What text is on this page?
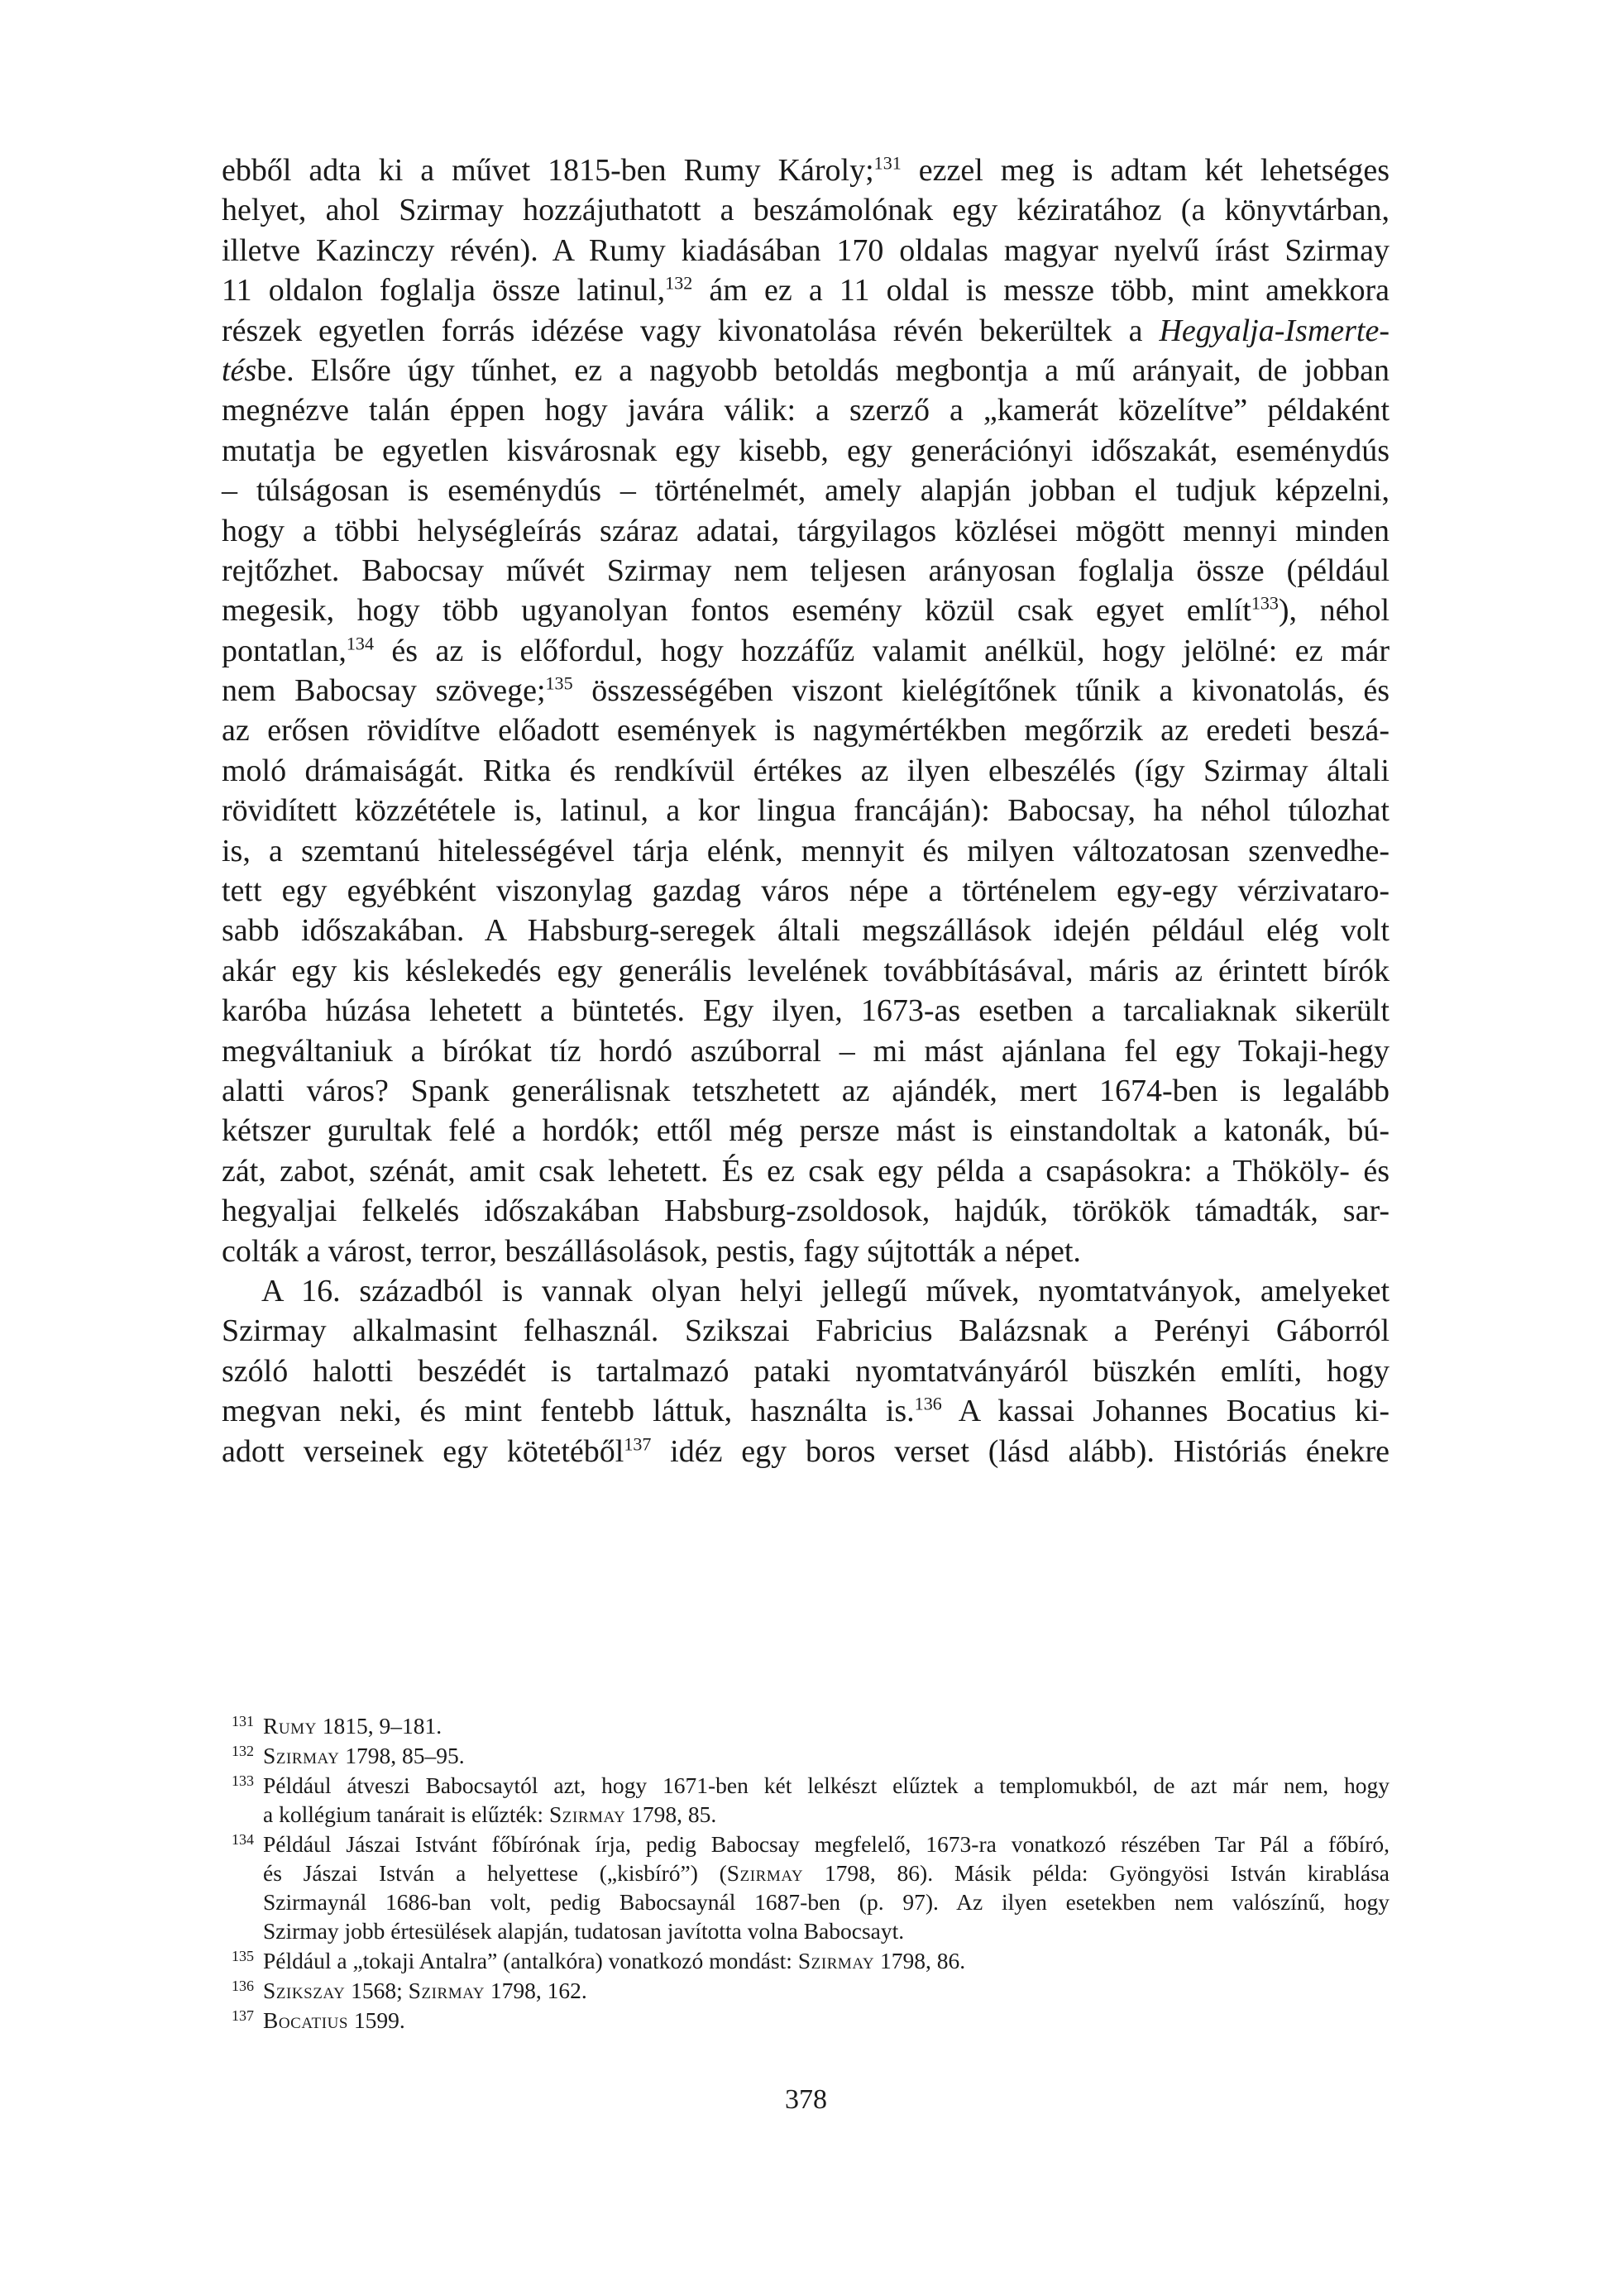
ebből adta ki a művet 1815-ben Rumy Károly;$^{131}$ ezzel meg is adtam két lehetséges
helyet, ahol Szirmay hozzájuthatott a beszámolónak egy kéziratához (a könyvtárban,
illetve Kazinczy révén). A Rumy kiadásában 170 oldalas magyar nyelvű írást Szirmay
11 oldalon foglalja össze latinul,$^{132}$ ám ez a 11 oldal is messze több, mint amekkora
részek egyetlen forrás idézése vagy kivonatolása révén bekerültek a Hegyalja-Ismerte-
tésbe. Elsőre úgy tűnhet, ez a nagyobb betoldás megbontja a mű arányait, de jobban
megnézve talán éppen hogy javára válik: a szerző a „kamerát közelítve” példaként
mutatja be egyetlen kisvárosnak egy kisebb, egy generációnyi időszakát, eseménydús
– túlságosan is eseménydús – történelmét, amely alapján jobban el tudjuk képzelni,
hogy a többi helységleírás száraz adatai, tárgyilagos közlései mögött mennyi minden
rejtőzhet. Babocsay művét Szirmay nem teljesen arányosan foglalja össze (például
megesik, hogy több ugyanolyan fontos esemény közül csak egyet említ$^{133}$), néhol
pontatlan,$^{134}$ és az is előfordul, hogy hozzáfűz valamit anélkül, hogy jelölné: ez már
nem Babocsay szövege;$^{135}$ összességében viszont kielégítőnek tűnik a kivonatolás, és
az erősen rövidítve előadott események is nagymértékben megőrzik az eredeti beszá-
moló drámaiságát. Ritka és rendkívül értékes az ilyen elbeszélés (így Szirmay általi
rövidített közzététele is, latinul, a kor lingua francáján): Babocsay, ha néhol túlozhat
is, a szemtanú hitelességével tárja elénk, mennyit és milyen változatosan szenvedhe-
tett egy egyébként viszonylag gazdag város népe a történelem egy-egy vérzivataro-
sabb időszakában. A Habsburg-seregek általi megszállások idején például elég volt
akár egy kis késlekedés egy generális levelének továbbításával, máris az érintett bírók
karóba húzása lehetett a büntetés. Egy ilyen, 1673-as esetben a tarcaliaknak sikerült
megváltaniuk a bírókat tíz hordó aszúborral – mi mást ajánlana fel egy Tokaji-hegy
alatti város? Spank generálisnak tetszhetett az ajándék, mert 1674-ben is legalább
kétszer gurultak felé a hordók; ettől még persze mást is einstandoltak a katonák, bú-
zát, zabot, szénát, amit csak lehetett. És ez csak egy példa a csapásokra: a Thököly- és
hegyaljai felkelés időszakában Habsburg-zsoldosok, hajdúk, törökök támadták, sar-
colták a várost, terror, beszállásolások, pestis, fagy sújtották a népet.
A 16. századból is vannak olyan helyi jellegű művek, nyomtatványok, amelyeket
Szirmay alkalmasint felhasznál. Szikszai Fabricius Balázsnak a Perényi Gáborról
szóló halotti beszédét is tartalmazó pataki nyomtatványáról büszkén említi, hogy
megvan neki, és mint fentebb láttuk, használta is.$^{136}$ A kassai Johannes Bocatius ki-
adott verseinek egy kötetéből$^{137}$ idéz egy boros verset (lásd alább). Históriás énekre
131 Rumy 1815, 9–181.
132 Szirmay 1798, 85–95.
133 Például átveszi Babocsaytól azt, hogy 1671-ben két lelkészt elűztek a templomukból, de azt már nem, hogy
a kollégium tanárait is elűzték: Szirmay 1798, 85.
134 Például Jászai Istvánt főbírónak írja, pedig Babocsay megfelelő, 1673-ra vonatkozó részében Tar Pál a főbíró,
és Jászai István a helyettese („kisbíró”) (Szirmay 1798, 86). Másik példa: Gyöngyösi István kirablása
Szirmaynál 1686-ban volt, pedig Babocsaynál 1687-ben (p. 97). Az ilyen esetekben nem valószínű, hogy
Szirmay jobb értesülések alapján, tudatosan javította volna Babocsayt.
135 Például a „tokaji Antalra” (antalkóra) vonatkozó mondást: Szirmay 1798, 86.
136 Szikszay 1568; Szirmay 1798, 162.
137 Bocatius 1599.
378
